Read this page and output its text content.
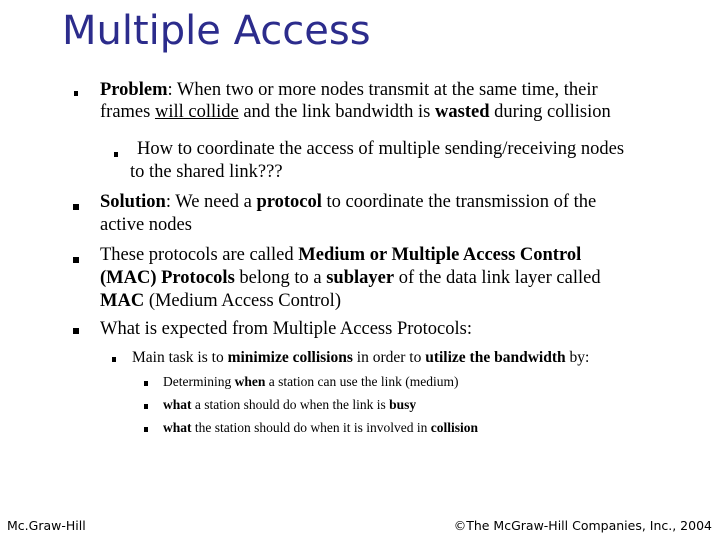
Multiple Access
Problem: When two or more nodes transmit at the same time, their
frames will collide and the link bandwidth is wasted during collision
How to coordinate the access of multiple sending/receiving nodes
to the shared link???
Solution: We need a protocol to coordinate the transmission of the
active nodes
These protocols are called Medium or Multiple Access Control
(MAC) Protocols belong to a sublayer of the data link layer called
MAC (Medium Access Control)
What is expected from Multiple Access Protocols:
Main task is to minimize collisions in order to utilize the bandwidth by:
Determining when a station can use the link (medium)
what a station should do when the link is busy
what the station should do when it is involved in collision
Mc.Graw-Hill	©The McGraw-Hill Companies, Inc., 2004
